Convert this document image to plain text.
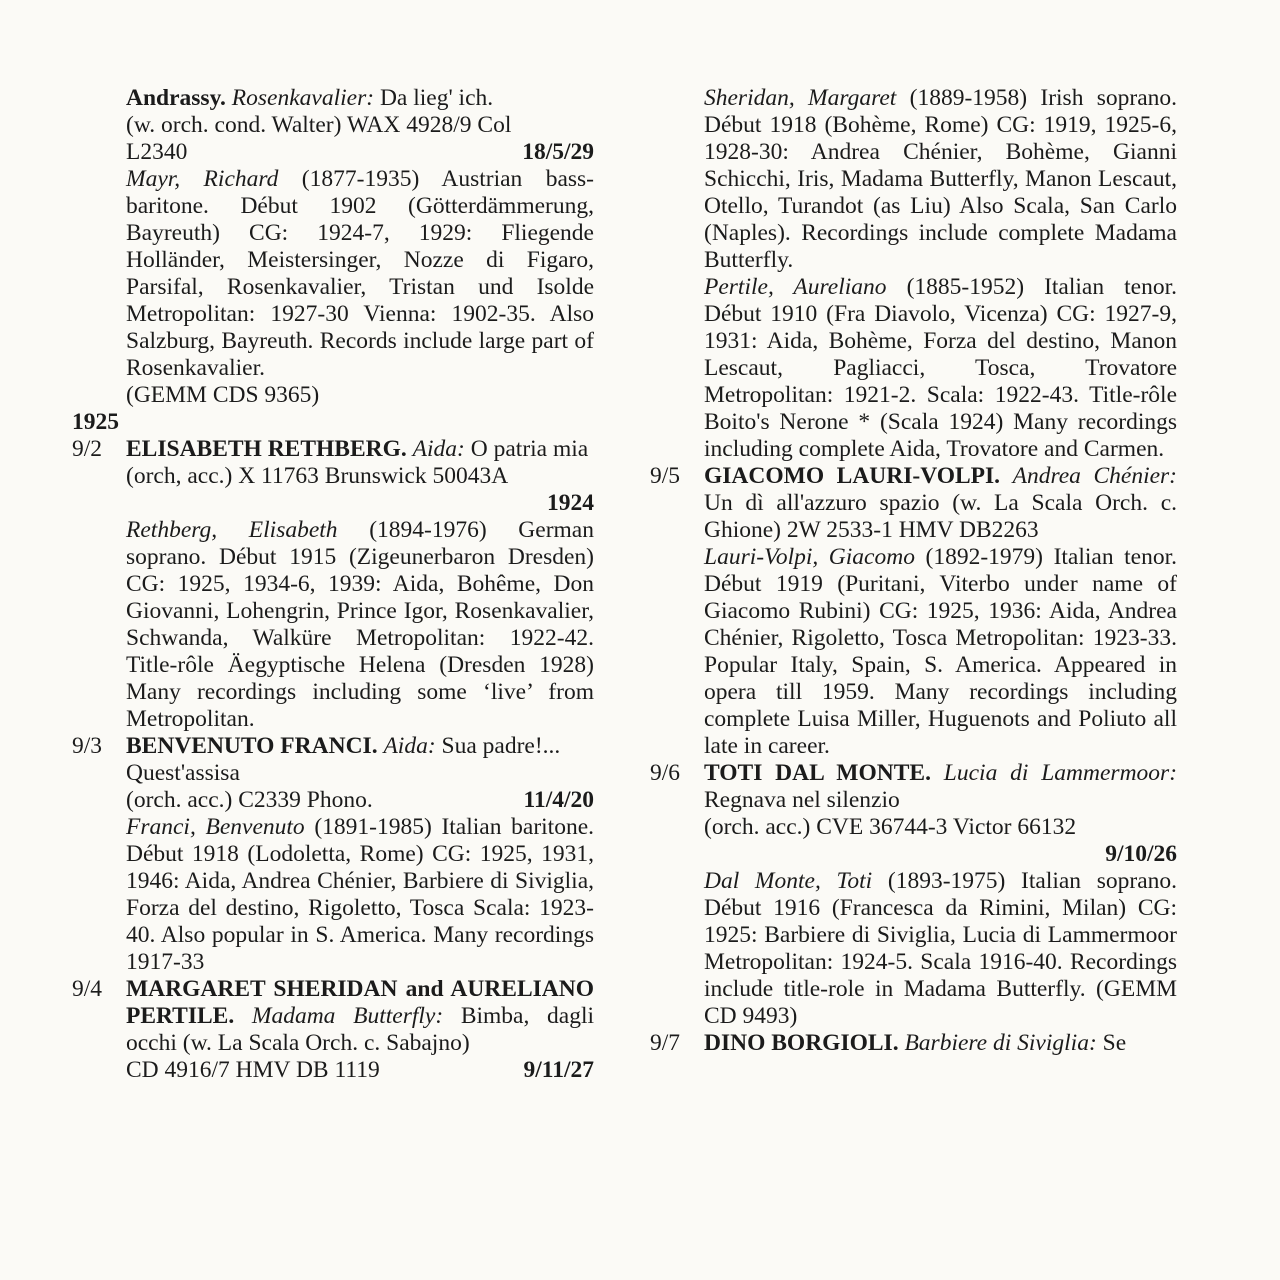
Andrassy. Rosenkavalier: Da lieg' ich.
(w. orch. cond. Walter) WAX 4928/9 Col
L2340	18/5/29
Mayr, Richard (1877-1935) Austrian bass-baritone. Début 1902 (Götterdämmerung, Bayreuth) CG: 1924-7, 1929: Fliegende Holländer, Meistersinger, Nozze di Figaro, Parsifal, Rosenkavalier, Tristan und Isolde Metropolitan: 1927-30 Vienna: 1902-35. Also Salzburg, Bayreuth. Records include large part of Rosenkavalier.
(GEMM CDS 9365)
1925
9/2 ELISABETH RETHBERG. Aida: O patria mia
(orch, acc.) X 11763 Brunswick 50043A
1924
Rethberg, Elisabeth (1894-1976) German soprano. Début 1915 (Zigeunerbaron Dresden) CG: 1925, 1934-6, 1939: Aida, Bohême, Don Giovanni, Lohengrin, Prince Igor, Rosenkavalier, Schwanda, Walküre Metropolitan: 1922-42. Title-rôle Äegyptische Helena (Dresden 1928) Many recordings including some ‘live’ from Metropolitan.
9/3 BENVENUTO FRANCI. Aida: Sua padre!... Quest'assisa
(orch. acc.) C2339 Phono.	11/4/20
Franci, Benvenuto (1891-1985) Italian baritone. Début 1918 (Lodoletta, Rome) CG: 1925, 1931, 1946: Aida, Andrea Chénier, Barbiere di Siviglia, Forza del destino, Rigoletto, Tosca Scala: 1923-40. Also popular in S. America. Many recordings 1917-33
9/4 MARGARET SHERIDAN and AURELIANO PERTILE. Madama Butterfly: Bimba, dagli occhi (w. La Scala Orch. c. Sabajno)
CD 4916/7 HMV DB 1119	9/11/27
Sheridan, Margaret (1889-1958) Irish soprano. Début 1918 (Bohème, Rome) CG: 1919, 1925-6, 1928-30: Andrea Chénier, Bohème, Gianni Schicchi, Iris, Madama Butterfly, Manon Lescaut, Otello, Turandot (as Liu) Also Scala, San Carlo (Naples). Recordings include complete Madama Butterfly.
Pertile, Aureliano (1885-1952) Italian tenor. Début 1910 (Fra Diavolo, Vicenza) CG: 1927-9, 1931: Aida, Bohème, Forza del destino, Manon Lescaut, Pagliacci, Tosca, Trovatore Metropolitan: 1921-2. Scala: 1922-43. Title-rôle Boito's Nerone * (Scala 1924) Many recordings including complete Aida, Trovatore and Carmen.
9/5 GIACOMO LAURI-VOLPI. Andrea Chénier: Un dì all'azzuro spazio (w. La Scala Orch. c. Ghione) 2W 2533-1 HMV DB2263
Lauri-Volpi, Giacomo (1892-1979) Italian tenor. Début 1919 (Puritani, Viterbo under name of Giacomo Rubini) CG: 1925, 1936: Aida, Andrea Chénier, Rigoletto, Tosca Metropolitan: 1923-33. Popular Italy, Spain, S. America. Appeared in opera till 1959. Many recordings including complete Luisa Miller, Huguenots and Poliuto all late in career.
9/6 TOTI DAL MONTE. Lucia di Lammermoor: Regnava nel silenzio
(orch. acc.) CVE 36744-3 Victor 66132
9/10/26
Dal Monte, Toti (1893-1975) Italian soprano. Début 1916 (Francesca da Rimini, Milan) CG: 1925: Barbiere di Siviglia, Lucia di Lammermoor Metropolitan: 1924-5. Scala 1916-40. Recordings include title-role in Madama Butterfly. (GEMM CD 9493)
9/7 DINO BORGIOLI. Barbiere di Siviglia: Se
